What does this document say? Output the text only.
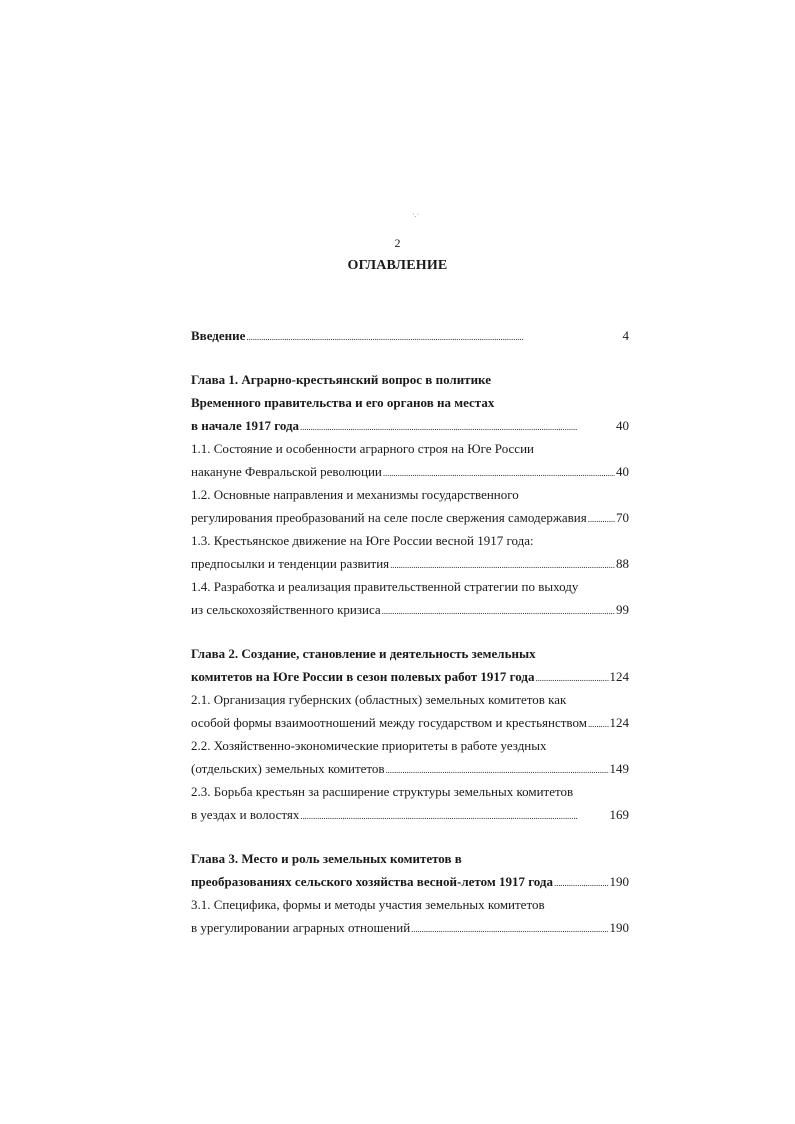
·.·
2
ОГЛАВЛЕНИЕ
Введение . . .	4
Глава 1. Аграрно-крестьянский вопрос в политике
Временного правительства и его органов на местах
в начале 1917 года . . .	40
1.1. Состояние и особенности аграрного строя на Юге России
накануне Февральской революции . . .	40
1.2. Основные направления и механизмы государственного
регулирования преобразований на селе после свержения самодержавия . . . 70
1.3. Крестьянское движение на Юге России весной 1917 года:
предпосылки и тенденции развития . . .	88
1.4. Разработка и реализация правительственной стратегии по выходу
из сельскохозяйственного кризиса . . .	99
Глава 2. Создание, становление и деятельность земельных
комитетов на Юге России в сезон полевых работ 1917 года . . .	124
2.1. Организация губернских (областных) земельных комитетов как
особой формы взаимоотношений между государством и крестьянством . . . 124
2.2. Хозяйственно-экономические приоритеты в работе уездных
(отдельских) земельных комитетов . . .	149
2.3. Борьба крестьян за расширение структуры земельных комитетов
в уездах и волостях . . .	169
Глава 3. Место и роль земельных комитетов в
преобразованиях сельского хозяйства весной-летом 1917 года . . .	190
3.1. Специфика, формы и методы участия земельных комитетов
в урегулировании аграрных отношений . . .	190
